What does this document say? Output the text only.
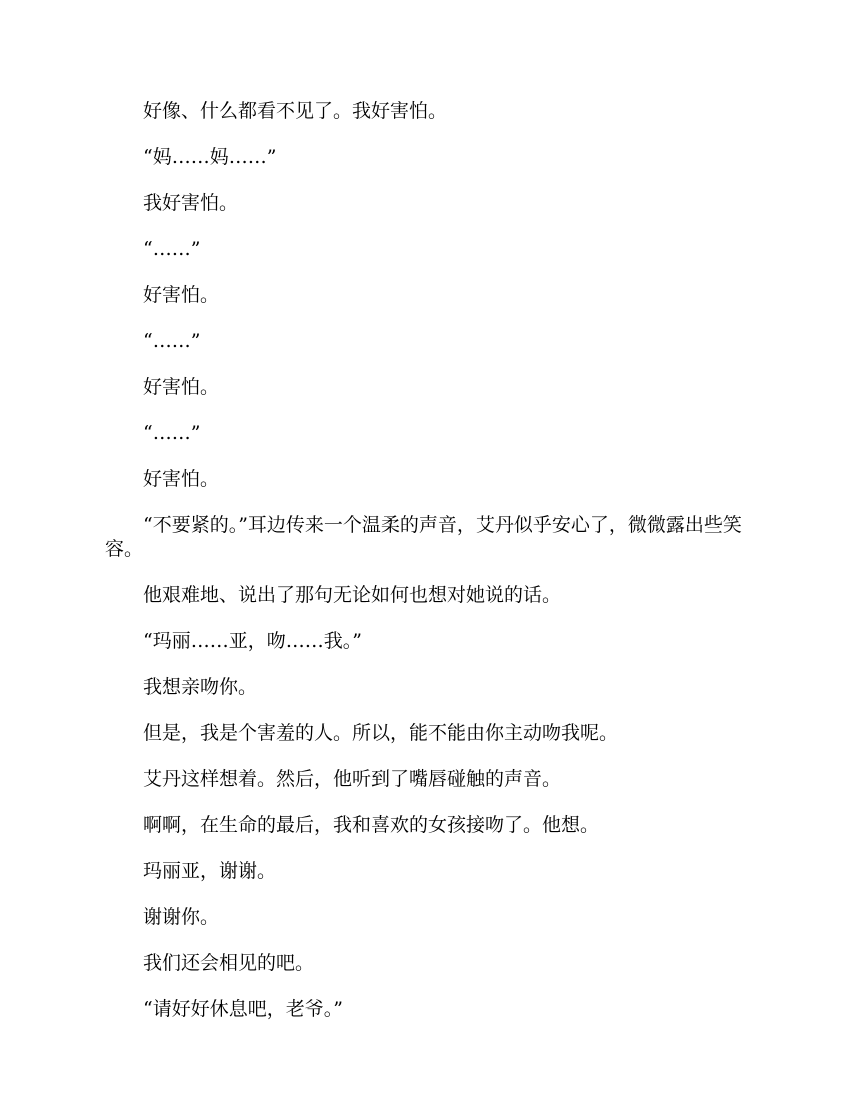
好像、什么都看不见了。我好害怕。

“妈……妈……”

我好害怕。

“……”

好害怕。

“……”

好害怕。

“……”

好害怕。

“不要紧的。”耳边传来一个温柔的声音，艾丹似乎安心了，微微露出些笑容。

他艰难地、说出了那句无论如何也想对她说的话。

“玛丽……亚，吻……我。”

我想亲吻你。

但是，我是个害羞的人。所以，能不能由你主动吻我呢。

艾丹这样想着。然后，他听到了嘴唇碰触的声音。

啊啊，在生命的最后，我和喜欢的女孩接吻了。他想。

玛丽亚，谢谢。

谢谢你。

我们还会相见的吧。

“请好好休息吧，老爷。”
